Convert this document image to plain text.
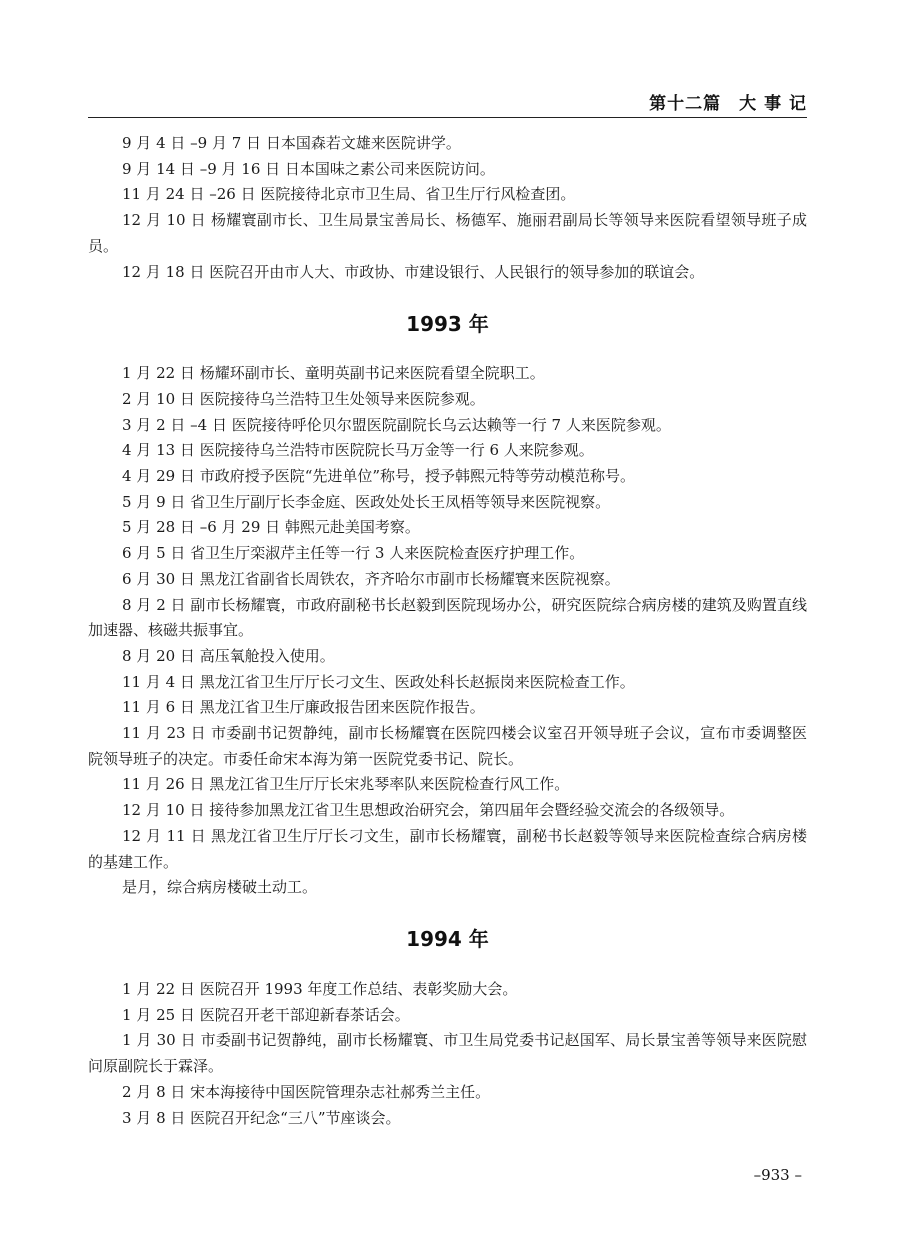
第十二篇　大 事 记

9 月 4 日 –9 月 7 日 日本国森若文雄来医院讲学。

9 月 14 日 –9 月 16 日 日本国味之素公司来医院访问。

11 月 24 日 –26 日 医院接待北京市卫生局、省卫生厅行风检查团。

12 月 10 日 杨耀寰副市长、卫生局景宝善局长、杨德军、施丽君副局长等领导来医院看望领导班子成员。

12 月 18 日 医院召开由市人大、市政协、市建设银行、人民银行的领导参加的联谊会。

1993 年

1 月 22 日 杨耀环副市长、童明英副书记来医院看望全院职工。

2 月 10 日 医院接待乌兰浩特卫生处领导来医院参观。

3 月 2 日 –4 日 医院接待呼伦贝尔盟医院副院长乌云达赖等一行 7 人来医院参观。

4 月 13 日 医院接待乌兰浩特市医院院长马万金等一行 6 人来院参观。

4 月 29 日 市政府授予医院“先进单位”称号，授予韩熙元特等劳动模范称号。

5 月 9 日 省卫生厅副厅长李金庭、医政处处长王凤梧等领导来医院视察。

5 月 28 日 –6 月 29 日 韩熙元赴美国考察。

6 月 5 日 省卫生厅栾淑芹主任等一行 3 人来医院检查医疗护理工作。

6 月 30 日 黑龙江省副省长周铁农，齐齐哈尔市副市长杨耀寰来医院视察。

8 月 2 日 副市长杨耀寰，市政府副秘书长赵毅到医院现场办公，研究医院综合病房楼的建筑及购置直线加速器、核磁共振事宜。

8 月 20 日 高压氧舱投入使用。

11 月 4 日 黑龙江省卫生厅厅长刁文生、医政处科长赵振岗来医院检查工作。

11 月 6 日 黑龙江省卫生厅廉政报告团来医院作报告。

11 月 23 日 市委副书记贺静纯，副市长杨耀寰在医院四楼会议室召开领导班子会议，宣布市委调整医院领导班子的决定。市委任命宋本海为第一医院党委书记、院长。

11 月 26 日 黑龙江省卫生厅厅长宋兆琴率队来医院检查行风工作。

12 月 10 日 接待参加黑龙江省卫生思想政治研究会，第四届年会暨经验交流会的各级领导。

12 月 11 日 黑龙江省卫生厅厅长刁文生，副市长杨耀寰，副秘书长赵毅等领导来医院检查综合病房楼的基建工作。

是月，综合病房楼破土动工。

1994 年

1 月 22 日 医院召开 1993 年度工作总结、表彰奖励大会。

1 月 25 日 医院召开老干部迎新春茶话会。

1 月 30 日 市委副书记贺静纯，副市长杨耀寰、市卫生局党委书记赵国军、局长景宝善等领导来医院慰问原副院长于霖泽。

2 月 8 日 宋本海接待中国医院管理杂志社郝秀兰主任。

3 月 8 日 医院召开纪念“三八”节座谈会。

–933 –
